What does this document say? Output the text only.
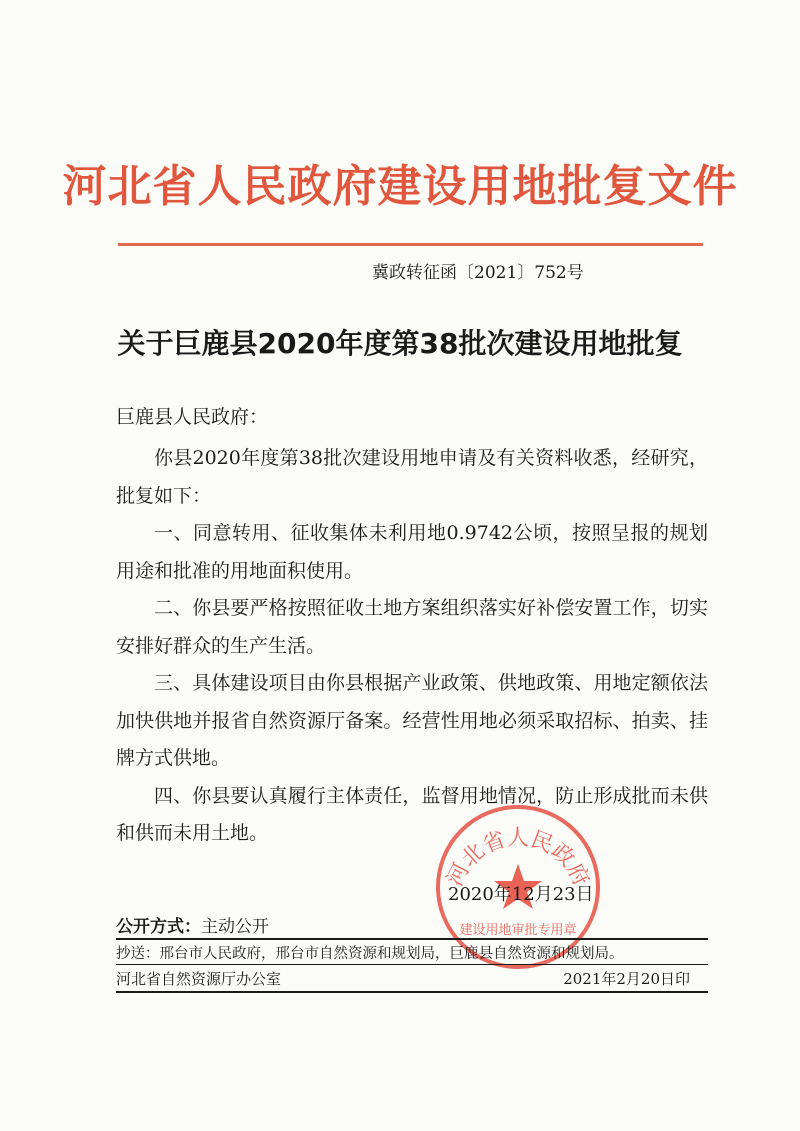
河北省人民政府建设用地批复文件
冀政转征函〔2021〕752号
关于巨鹿县2020年度第38批次建设用地批复
巨鹿县人民政府：

你县2020年度第38批次建设用地申请及有关资料收悉，经研究，批复如下：

一、同意转用、征收集体未利用地0.9742公顷，按照呈报的规划用途和批准的用地面积使用。

二、你县要严格按照征收土地方案组织落实好补偿安置工作，切实安排好群众的生产生活。

三、具体建设项目由你县根据产业政策、供地政策、用地定额依法加快供地并报省自然资源厅备案。经营性用地必须采取招标、拍卖、挂牌方式供地。

四、你县要认真履行主体责任，监督用地情况，防止形成批而未供和供而未用土地。

河北省人民政府
建设用地审批专用章
2020年12月23日
公开方式：主动公开
抄送：邢台市人民政府，邢台市自然资源和规划局，巨鹿县自然资源和规划局。
河北省自然资源厅办公室	2021年2月20日印
